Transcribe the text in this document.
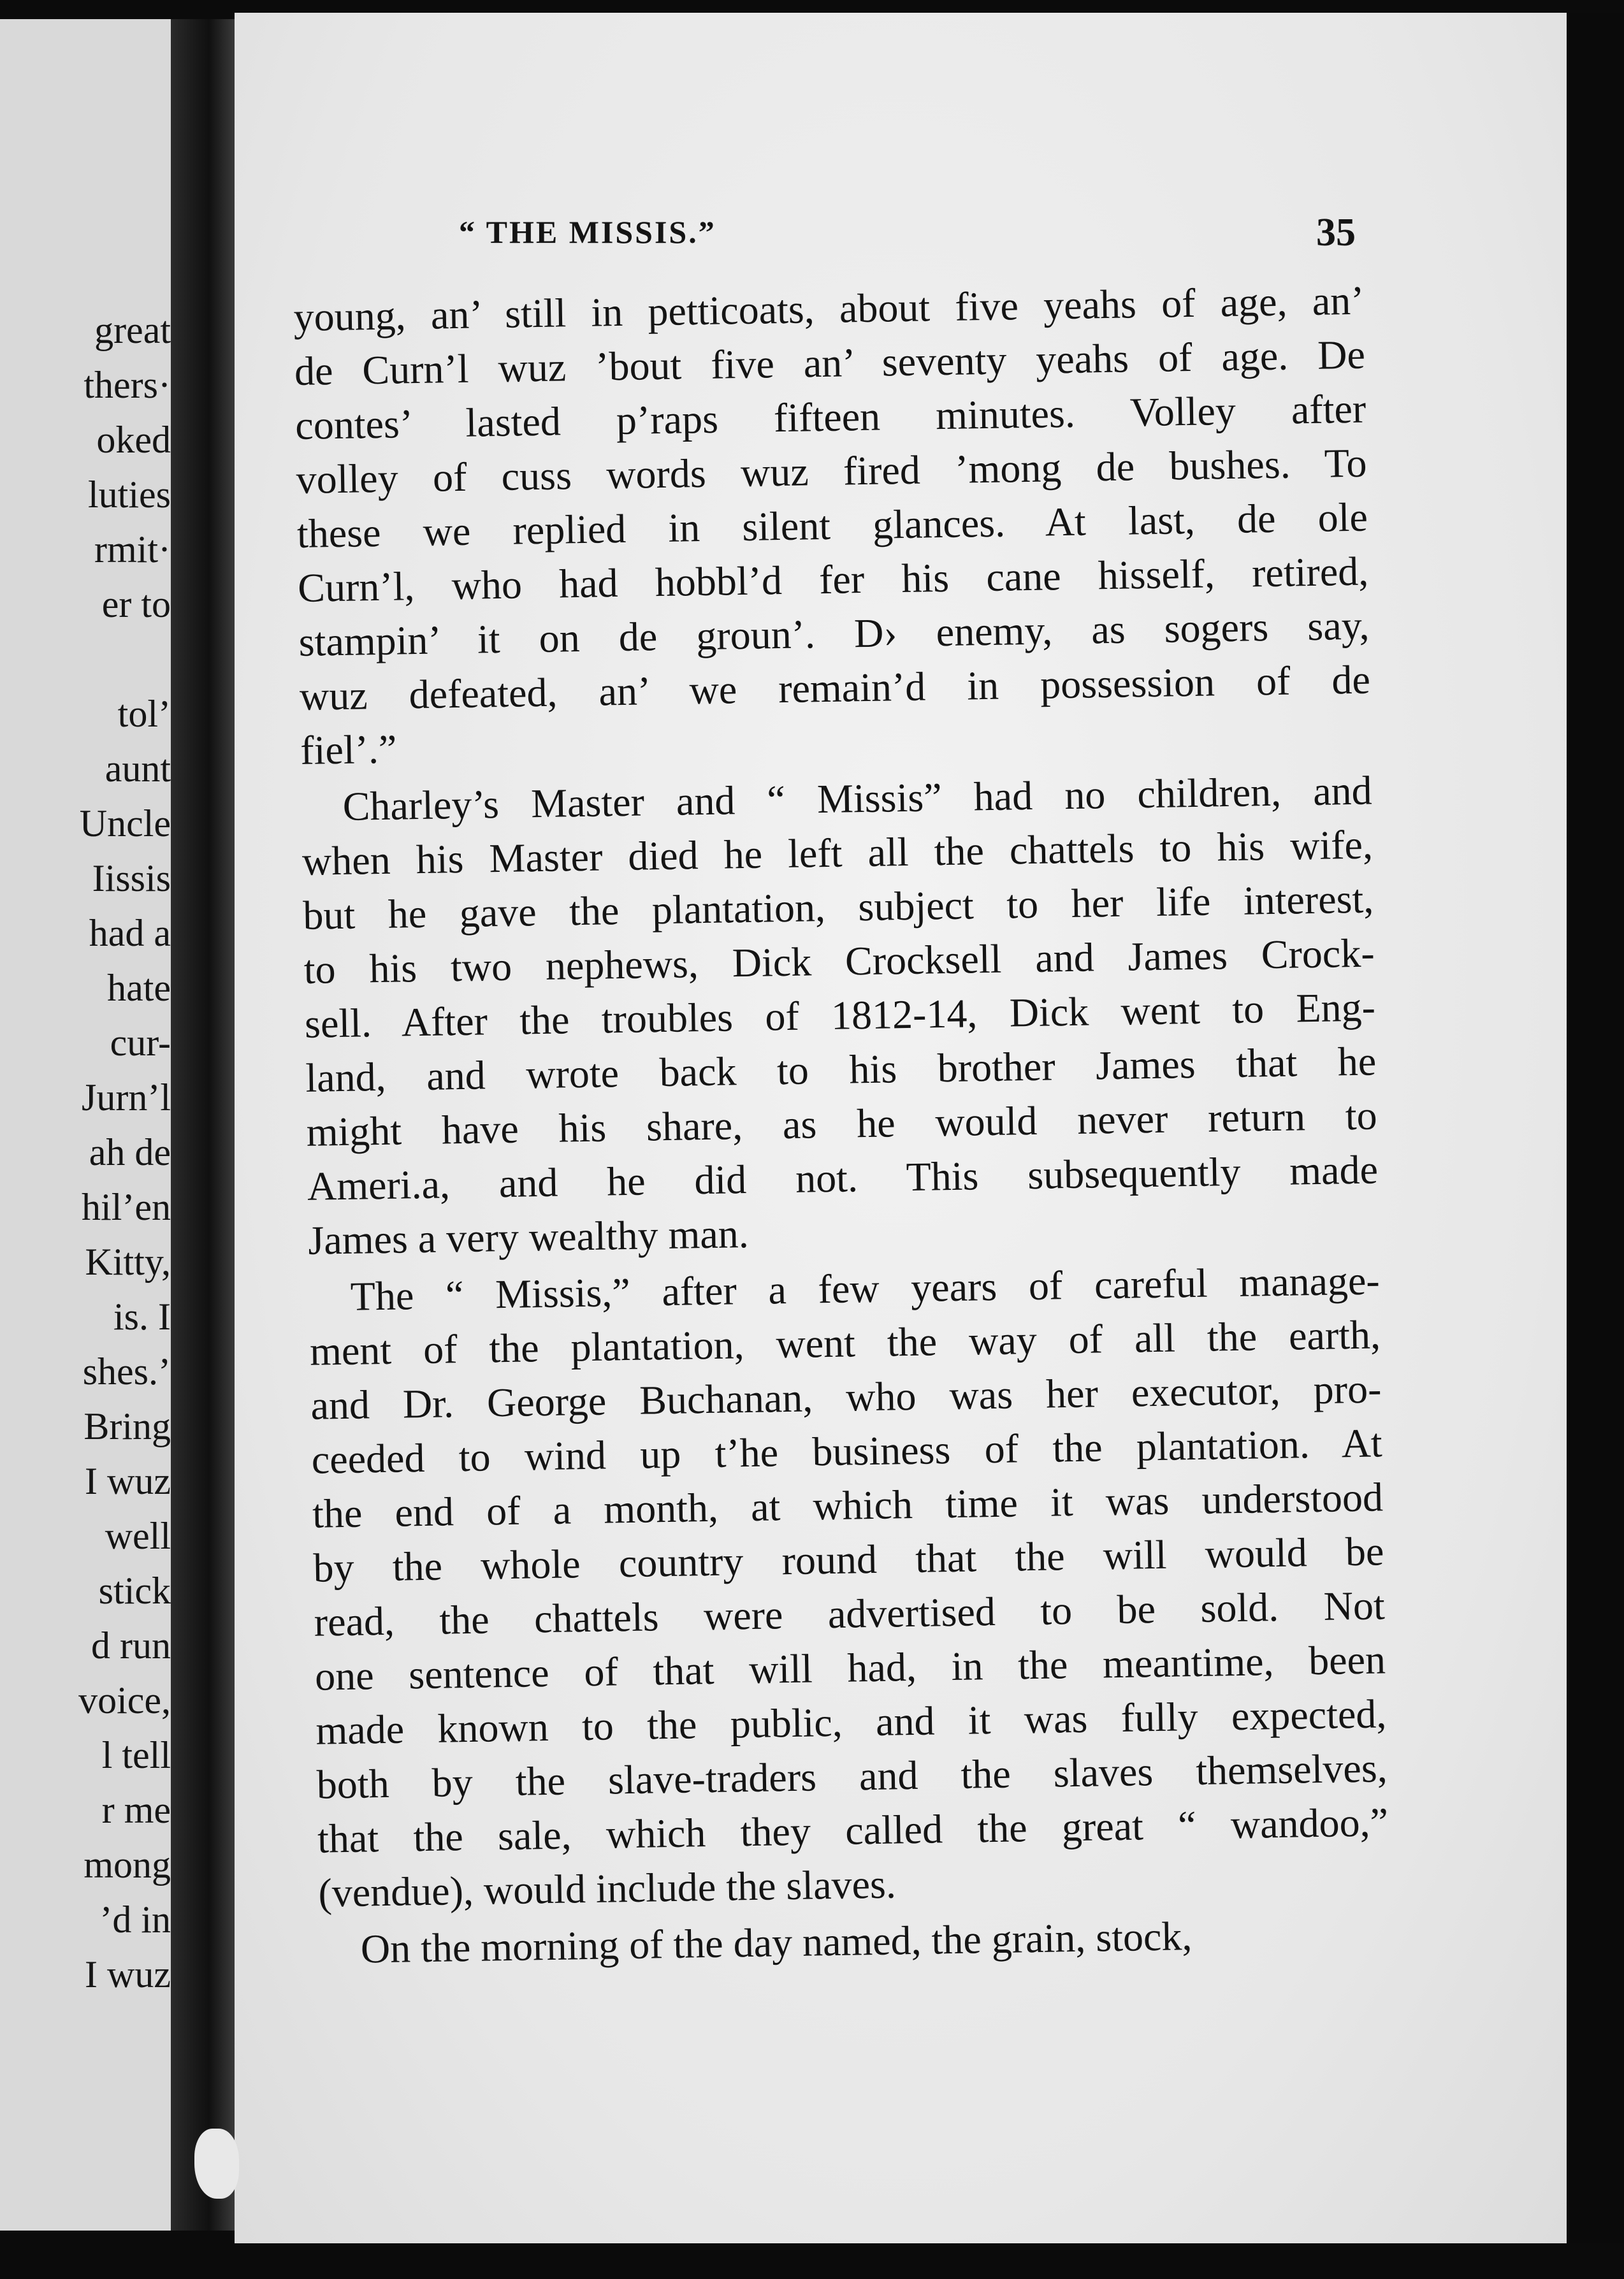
great
thers·
oked
luties
rmit·
er to

tol’
aunt
Uncle
Iissis
had a
hate
cur-
Jurn’l
ah de
hil’en
Kitty,
is. I
shes.’
Bring
I wuz
well
stick
d run
voice,
l tell
r me
mong
’d in
I wuz
“ THE MISSIS.”	35
young, an’ still in petticoats, about five yeahs of age, an’
de Curn’l wuz ’bout five an’ seventy yeahs of age. De
contes’ lasted p’raps fifteen minutes. Volley after
volley of cuss words wuz fired ’mong de bushes. To
these we replied in silent glances. At last, de ole
Curn’l, who had hobbl’d fer his cane hisself, retired,
stampin’ it on de groun’. D› enemy, as sogers say,
wuz defeated, an’ we remain’d in possession of de
fiel’.”
Charley’s Master and “ Missis” had no children, and
when his Master died he left all the chattels to his wife,
but he gave the plantation, subject to her life interest,
to his two nephews, Dick Crocksell and James Crock-
sell. After the troubles of 1812-14, Dick went to Eng-
land, and wrote back to his brother James that he
might have his share, as he would never return to
Ameri.a, and he did not. This subsequently made
James a very wealthy man.
The “ Missis,” after a few years of careful manage-
ment of the plantation, went the way of all the earth,
and Dr. George Buchanan, who was her executor, pro-
ceeded to wind up t’he business of the plantation. At
the end of a month, at which time it was understood
by the whole country round that the will would be
read, the chattels were advertised to be sold. Not
one sentence of that will had, in the meantime, been
made known to the public, and it was fully expected,
both by the slave-traders and the slaves themselves,
that the sale, which they called the great “ wandoo,”
(vendue), would include the slaves.
On the morning of the day named, the grain, stock,
